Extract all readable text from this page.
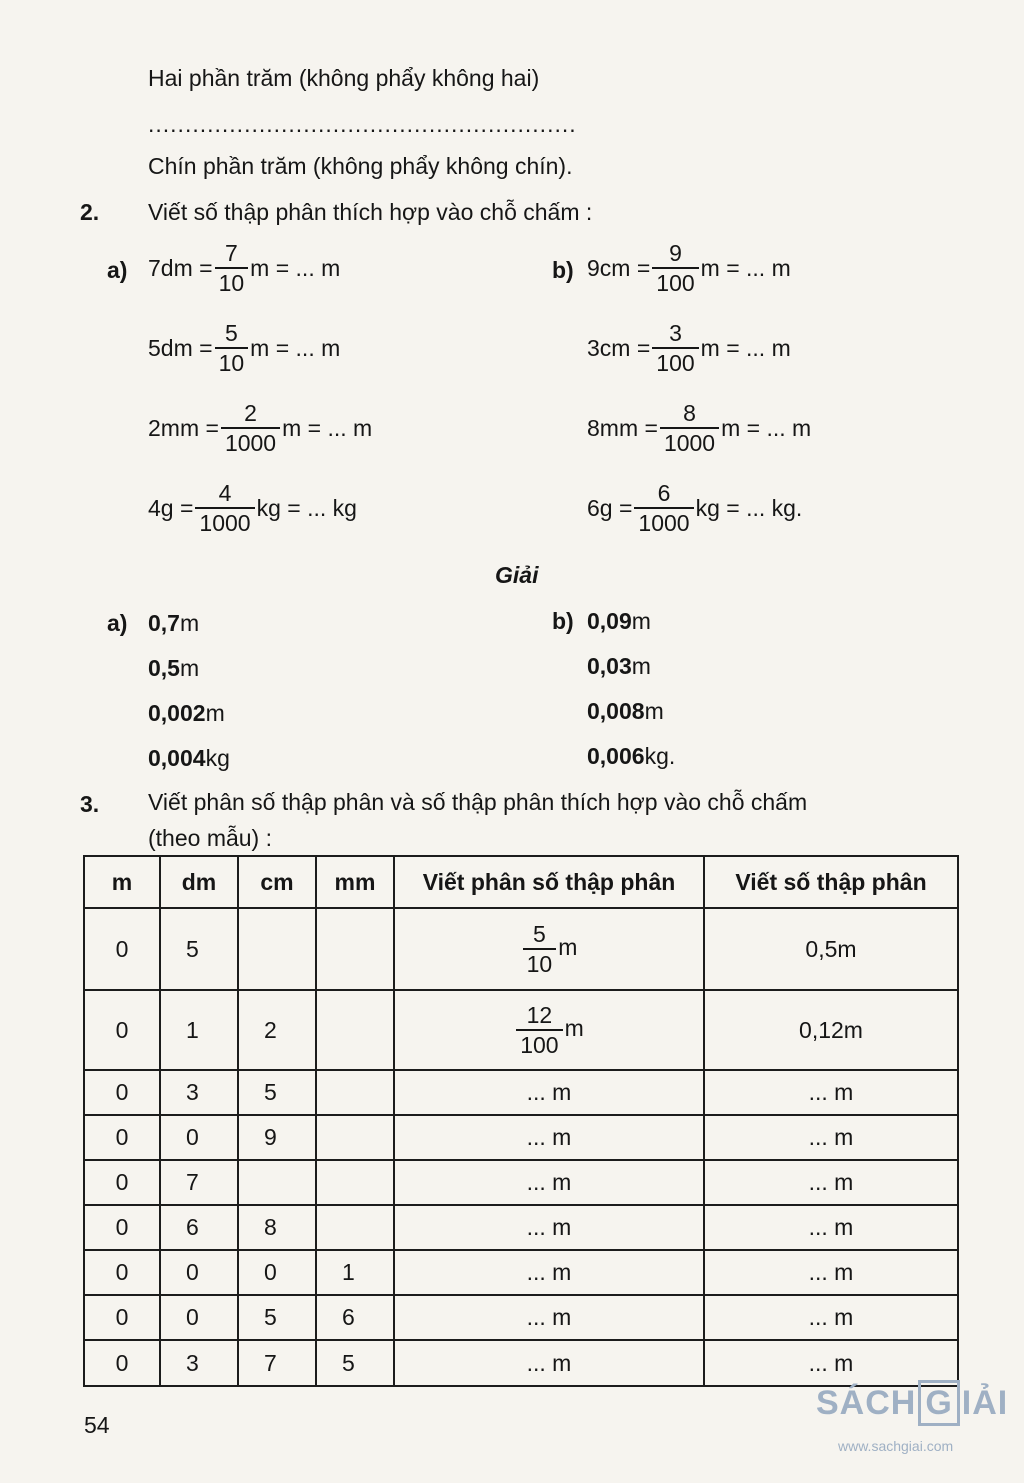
Hai phần trăm (không phẩy không hai)
..........................................................
Chín phần trăm (không phẩy không chín).
2. Viết số thập phân thích hợp vào chỗ chấm :
a)	b)
$7dm = \frac{7}{10}$ m = ... m
$5dm = \frac{5}{10}$ m = ... m
$2mm = \frac{2}{1000}$ m = ... m
$4g = \frac{4}{1000}$ kg = ... kg
$9cm = \frac{9}{100}$ m = ... m
$3cm = \frac{3}{100}$ m = ... m
$8mm = \frac{8}{1000}$ m = ... m
$6g = \frac{6}{1000}$ kg = ... kg.
Giải
a)	b)
0,7m
0,5m
0,002m
0,004kg
0,09m
0,03m
0,008m
0,006kg.
3. Viết phân số thập phân và số thập phân thích hợp vào chỗ chấm
(theo mẫu) :
m	dm	cm	mm	Viết phân số thập phân	Viết số thập phân
0	5			$\frac{5}{10}$ m	0,5m
0	1	2		$\frac{12}{100}$ m	0,12m
0	3	5		... m	... m
0	0	9		... m	... m
0	7			... m	... m
0	6	8		... m	... m
0	0	0	1	... m	... m
0	0	5	6	... m	... m
0	3	7	5	... m	... m
54
SÁCH G IẢI
www.sachgiai.com
